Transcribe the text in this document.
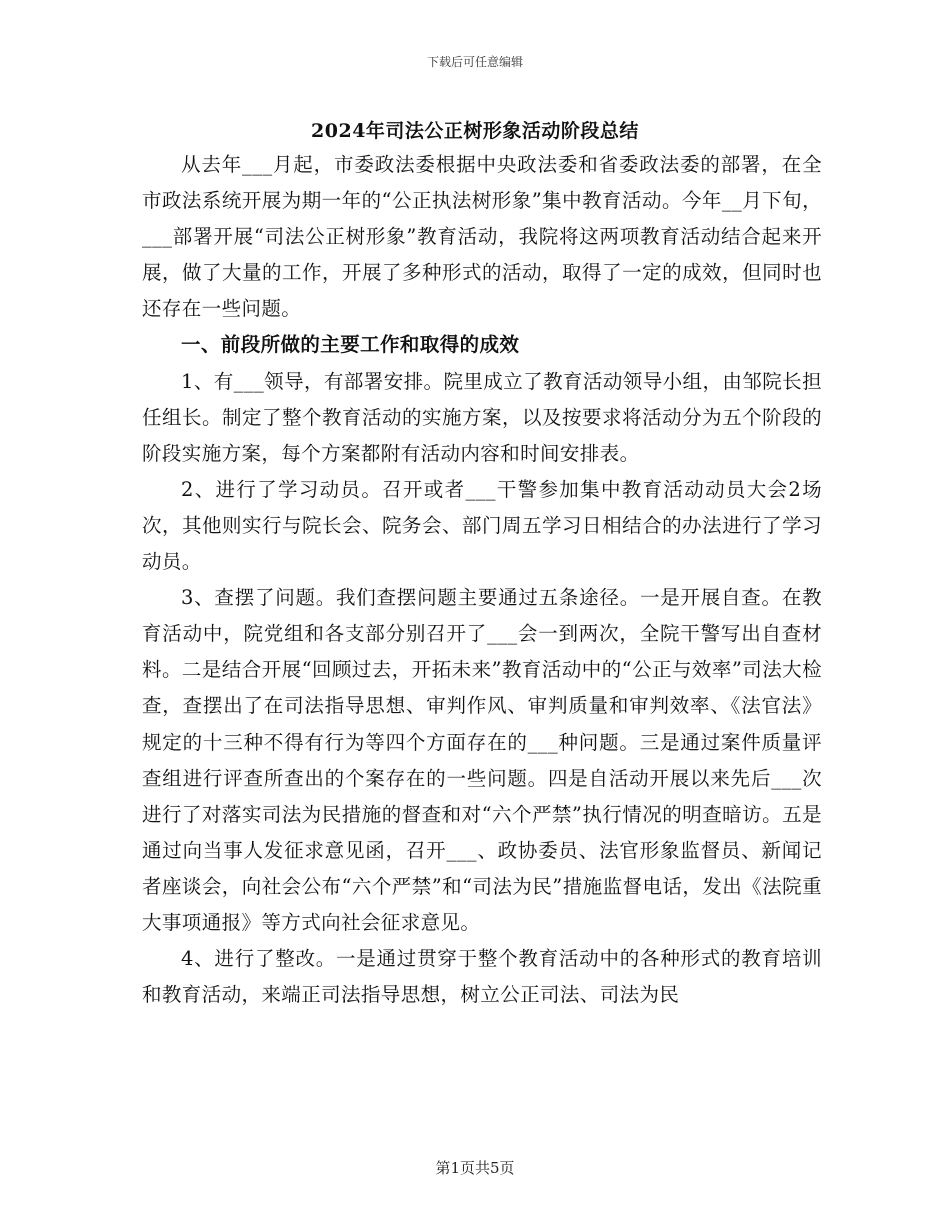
下载后可任意编辑
2024年司法公正树形象活动阶段总结

从去年___月起，市委政法委根据中央政法委和省委政法委的部署，在全市政法系统开展为期一年的“公正执法树形象”集中教育活动。今年__月下旬，___部署开展“司法公正树形象”教育活动，我院将这两项教育活动结合起来开展，做了大量的工作，开展了多种形式的活动，取得了一定的成效，但同时也还存在一些问题。

一、前段所做的主要工作和取得的成效

1、有___领导，有部署安排。院里成立了教育活动领导小组，由邹院长担任组长。制定了整个教育活动的实施方案，以及按要求将活动分为五个阶段的阶段实施方案，每个方案都附有活动内容和时间安排表。

2、进行了学习动员。召开或者___干警参加集中教育活动动员大会2场次，其他则实行与院长会、院务会、部门周五学习日相结合的办法进行了学习动员。

3、查摆了问题。我们查摆问题主要通过五条途径。一是开展自查。在教育活动中，院党组和各支部分别召开了___会一到两次，全院干警写出自查材料。二是结合开展“回顾过去，开拓未来”教育活动中的“公正与效率”司法大检查，查摆出了在司法指导思想、审判作风、审判质量和审判效率、《法官法》规定的十三种不得有行为等四个方面存在的___种问题。三是通过案件质量评查组进行评查所查出的个案存在的一些问题。四是自活动开展以来先后___次进行了对落实司法为民措施的督查和对“六个严禁”执行情况的明查暗访。五是通过向当事人发征求意见函，召开___、政协委员、法官形象监督员、新闻记者座谈会，向社会公布“六个严禁”和“司法为民”措施监督电话，发出《法院重大事项通报》等方式向社会征求意见。

4、进行了整改。一是通过贯穿于整个教育活动中的各种形式的教育培训和教育活动，来端正司法指导思想，树立公正司法、司法为民

第1页共5页
